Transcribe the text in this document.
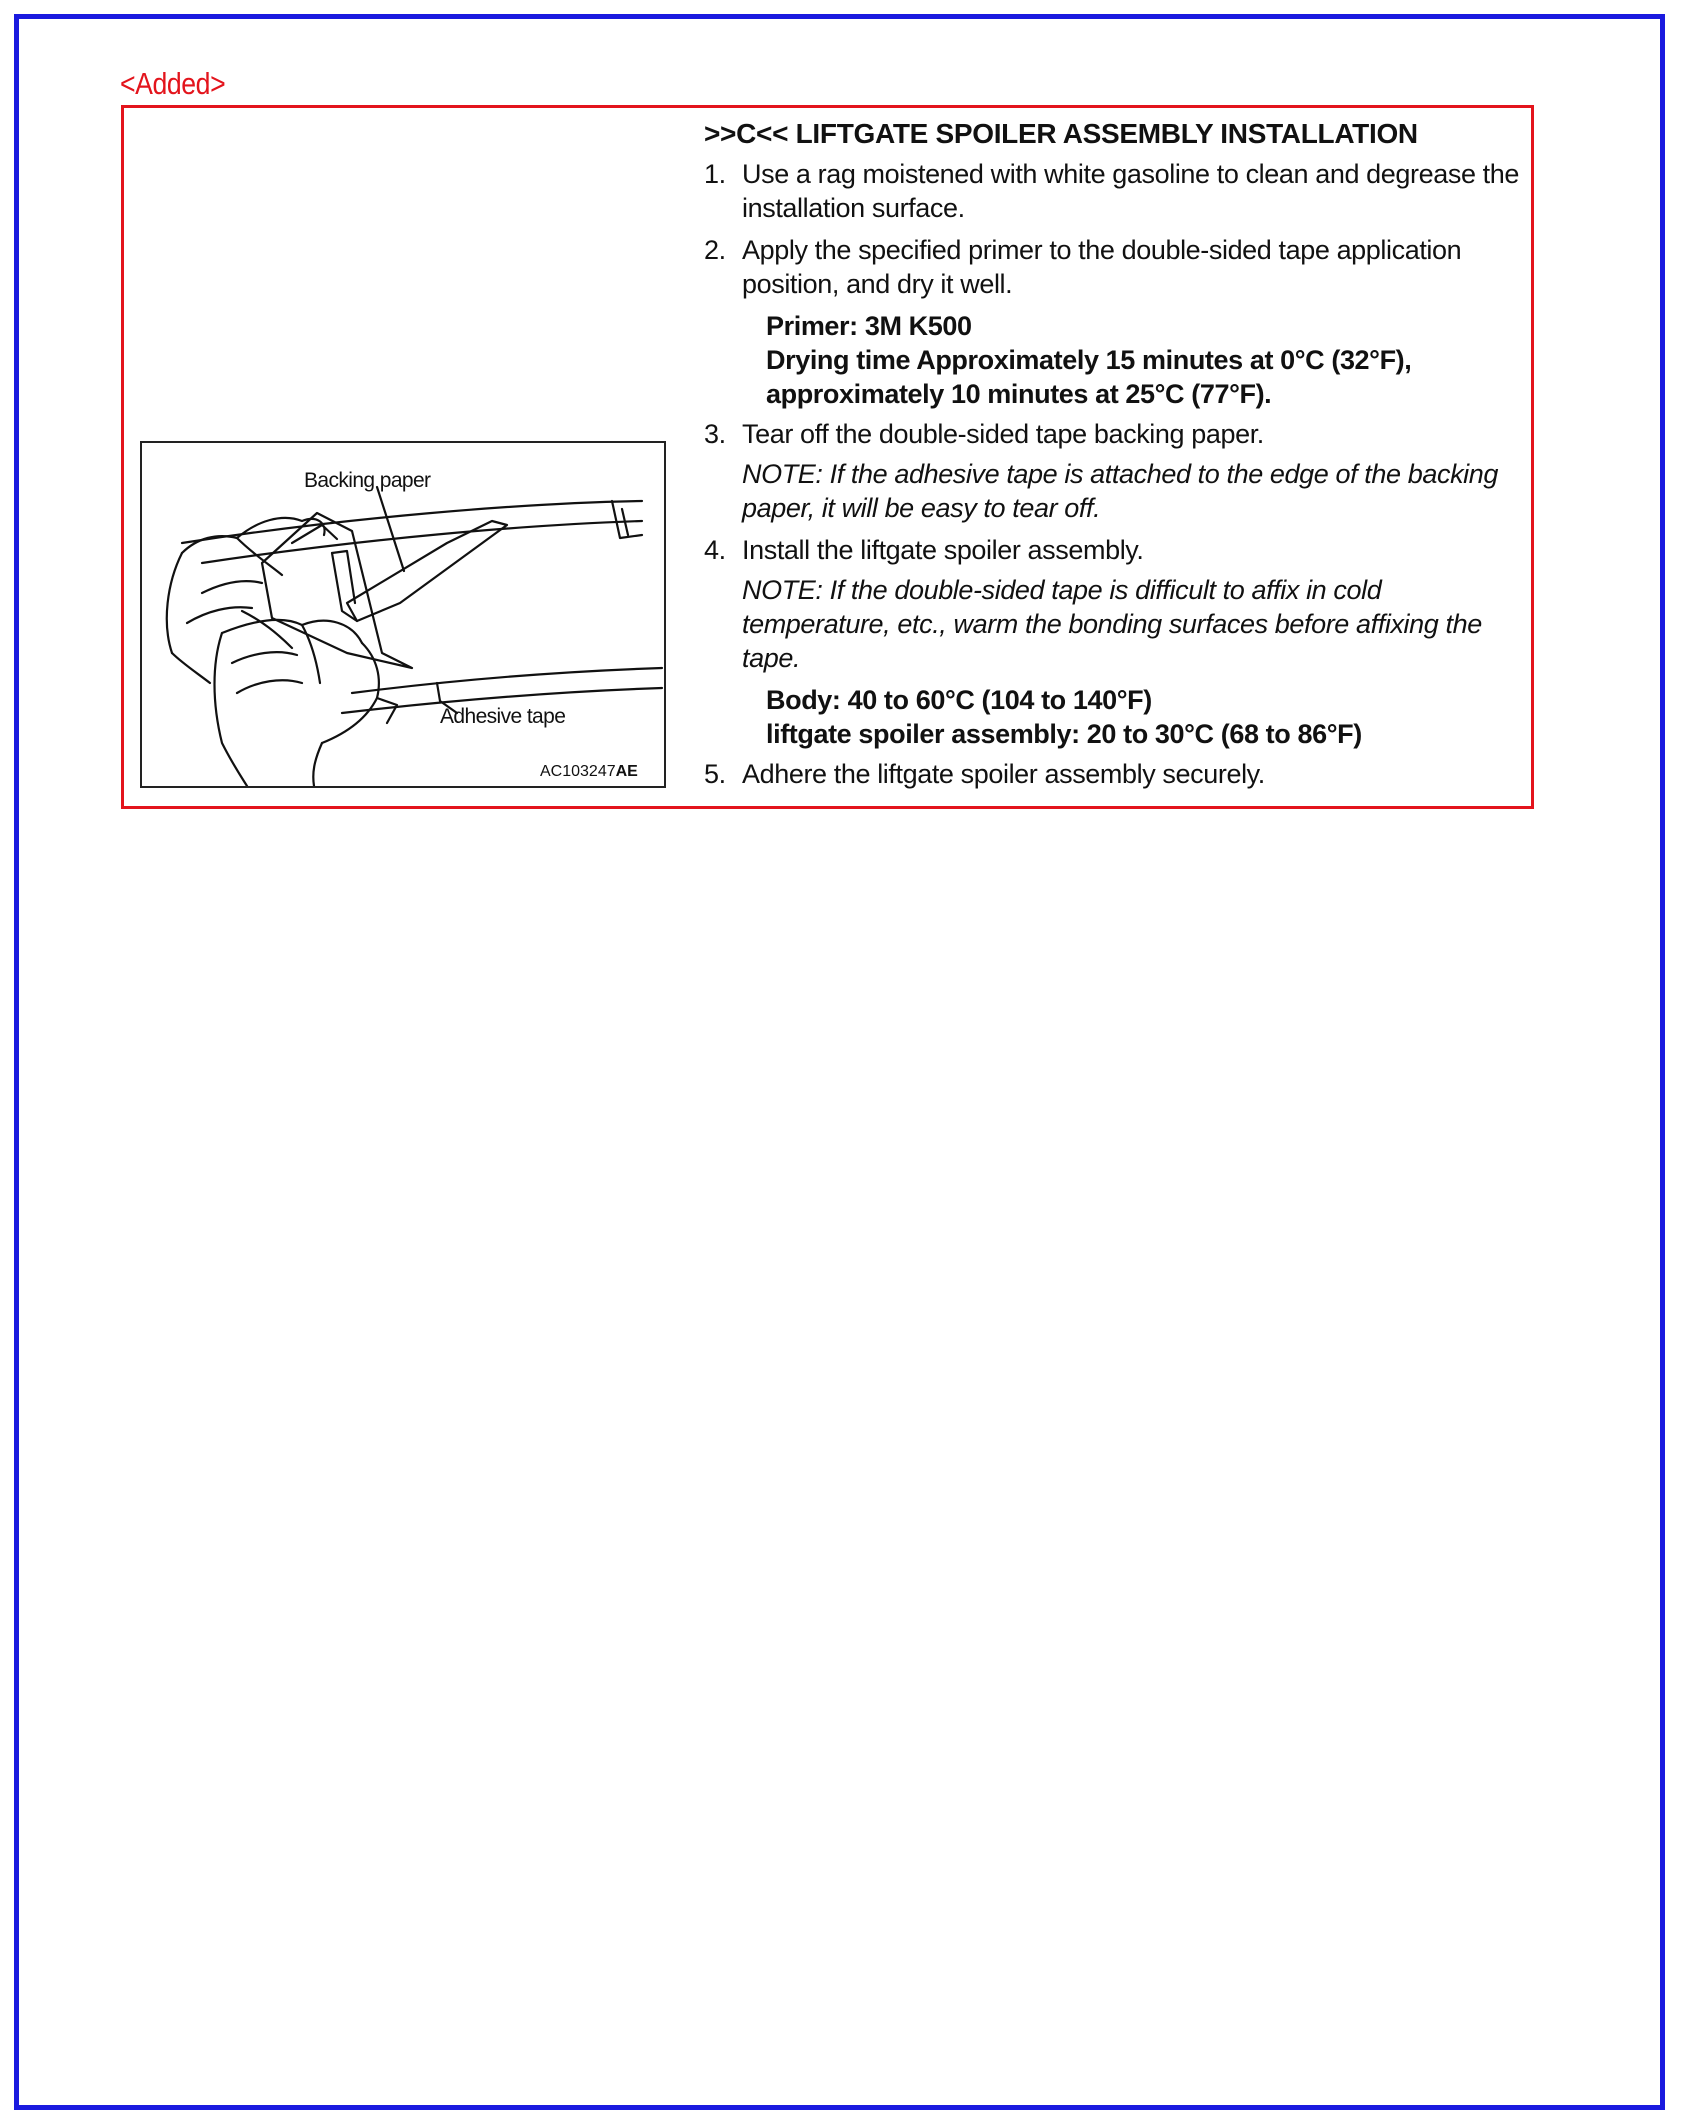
<Added>
Backing paper
Adhesive tape
AC103247AE
>>C<< LIFTGATE SPOILER ASSEMBLY INSTALLATION
1. Use a rag moistened with white gasoline to clean and degrease the installation surface.
2. Apply the specified primer to the double-sided tape application position, and dry it well.
Primer: 3M K500
Drying time Approximately 15 minutes at 0°C (32°F),
approximately 10 minutes at 25°C (77°F).
3. Tear off the double-sided tape backing paper.
NOTE: If the adhesive tape is attached to the edge of the backing paper, it will be easy to tear off.
4. Install the liftgate spoiler assembly.
NOTE: If the double-sided tape is difficult to affix in cold temperature, etc., warm the bonding surfaces before affixing the tape.
Body: 40 to 60°C (104 to 140°F)
liftgate spoiler assembly: 20 to 30°C (68 to 86°F)
5. Adhere the liftgate spoiler assembly securely.
